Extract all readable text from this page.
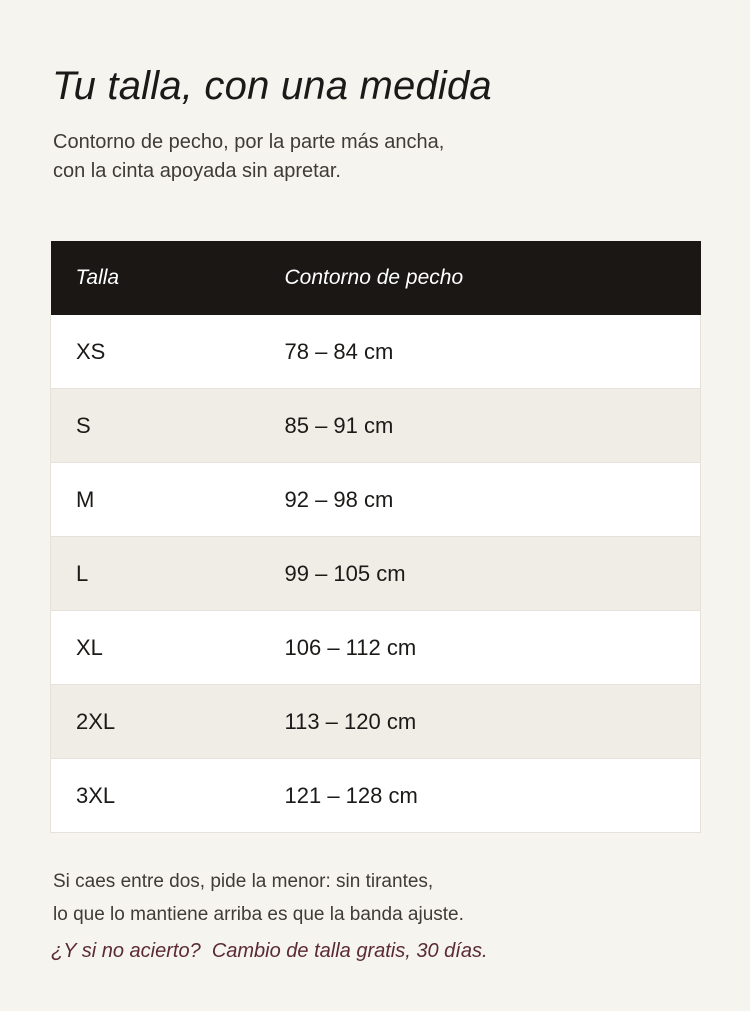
Tu talla, con una medida
Contorno de pecho, por la parte más ancha,
con la cinta apoyada sin apretar.
Talla	Contorno de pecho
XS	78 – 84 cm
S	85 – 91 cm
M	92 – 98 cm
L	99 – 105 cm
XL	106 – 112 cm
2XL	113 – 120 cm
3XL	121 – 128 cm
Si caes entre dos, pide la menor: sin tirantes,
lo que lo mantiene arriba es que la banda ajuste.
¿Y si no acierto?  Cambio de talla gratis, 30 días.
